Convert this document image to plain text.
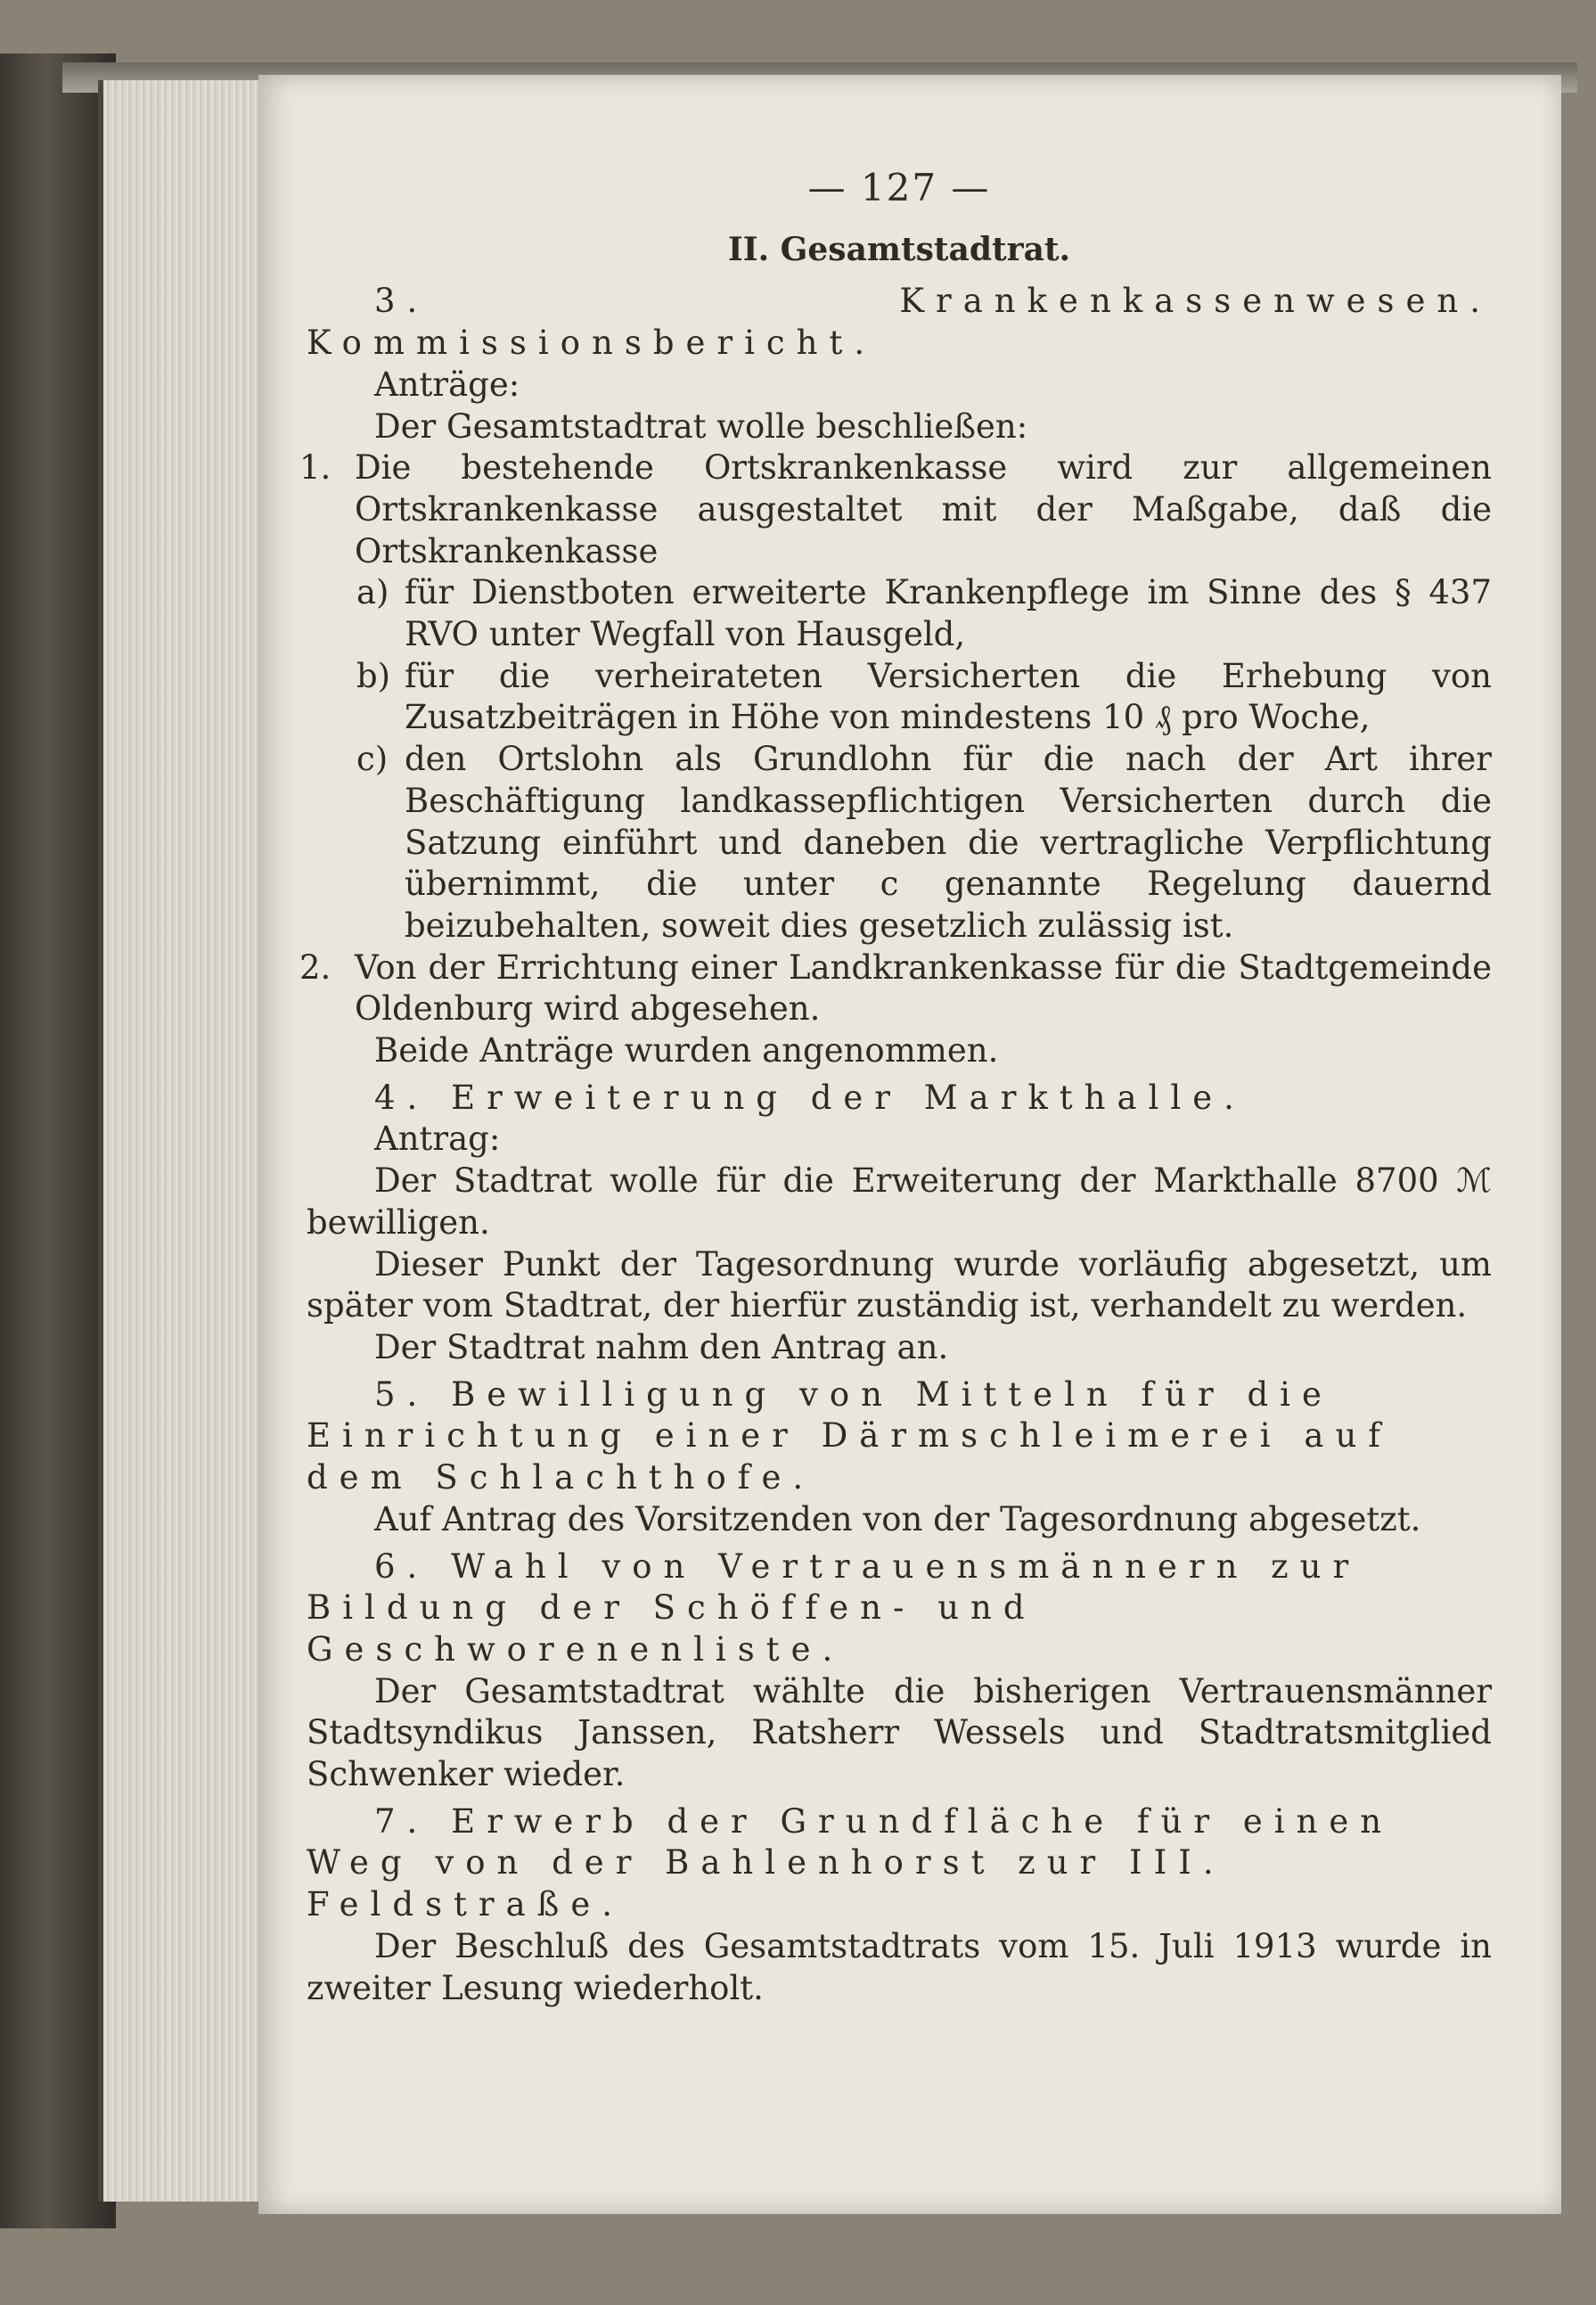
— 127 —
II. Gesamtstadtrat.

3. Krankenkassenwesen. Kommissionsbericht.

Anträge:

Der Gesamtstadtrat wolle beschließen:

1. Die bestehende Ortskrankenkasse wird zur allgemeinen Ortskrankenkasse ausgestaltet mit der Maßgabe, daß die Ortskrankenkasse

a) für Dienstboten erweiterte Krankenpflege im Sinne des § 437 RVO unter Wegfall von Hausgeld,

b) für die verheirateten Versicherten die Erhebung von Zusatzbeiträgen in Höhe von mindestens 10 ₰ pro Woche,

c) den Ortslohn als Grundlohn für die nach der Art ihrer Beschäftigung landkassepflichtigen Versicherten durch die Satzung einführt und daneben die vertragliche Verpflichtung übernimmt, die unter c genannte Regelung dauernd beizubehalten, soweit dies gesetzlich zulässig ist.

2. Von der Errichtung einer Landkrankenkasse für die Stadtgemeinde Oldenburg wird abgesehen.

Beide Anträge wurden angenommen.

4. Erweiterung der Markthalle.

Antrag:

Der Stadtrat wolle für die Erweiterung der Markthalle 8700 ℳ bewilligen.

Dieser Punkt der Tagesordnung wurde vorläufig abgesetzt, um später vom Stadtrat, der hierfür zuständig ist, verhandelt zu werden.

Der Stadtrat nahm den Antrag an.

5. Bewilligung von Mitteln für die Einrichtung einer Därmschleimerei auf dem Schlachthofe.

Auf Antrag des Vorsitzenden von der Tagesordnung abgesetzt.

6. Wahl von Vertrauensmännern zur Bildung der Schöffen- und Geschworenenliste.

Der Gesamtstadtrat wählte die bisherigen Vertrauensmänner Stadtsyndikus Janssen, Ratsherr Wessels und Stadtratsmitglied Schwenker wieder.

7. Erwerb der Grundfläche für einen Weg von der Bahlenhorst zur III. Feldstraße.

Der Beschluß des Gesamtstadtrats vom 15. Juli 1913 wurde in zweiter Lesung wiederholt.
